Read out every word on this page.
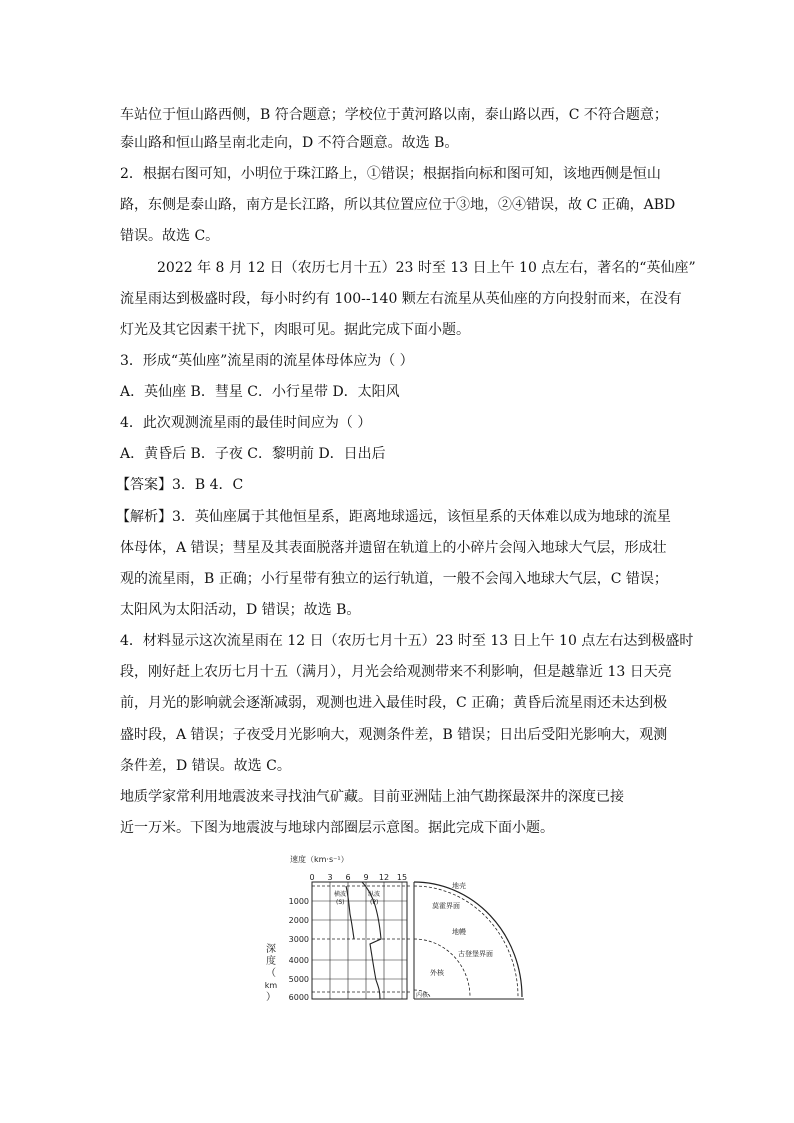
车站位于恒山路西侧，B 符合题意；学校位于黄河路以南，泰山路以西，C 不符合题意；
泰山路和恒山路呈南北走向，D 不符合题意。故选 B。
2．根据右图可知，小明位于珠江路上，①错误；根据指向标和图可知，该地西侧是恒山
路，东侧是泰山路，南方是长江路，所以其位置应位于③地，②④错误，故 C 正确，ABD
错误。故选 C。
2022 年 8 月 12 日（农历七月十五）23 时至 13 日上午 10 点左右，著名的“英仙座”
流星雨达到极盛时段，每小时约有 100--140 颗左右流星从英仙座的方向投射而来，在没有
灯光及其它因素干扰下，肉眼可见。据此完成下面小题。
3．形成“英仙座”流星雨的流星体母体应为（ ）
A．英仙座 B．彗星 C．小行星带 D．太阳风
4．此次观测流星雨的最佳时间应为（ ）
A．黄昏后 B．子夜 C．黎明前 D．日出后
【答案】3．B 4．C
【解析】3．英仙座属于其他恒星系，距离地球遥远，该恒星系的天体难以成为地球的流星
体母体，A 错误；彗星及其表面脱落并遗留在轨道上的小碎片会闯入地球大气层，形成壮
观的流星雨，B 正确；小行星带有独立的运行轨道，一般不会闯入地球大气层，C 错误；
太阳风为太阳活动，D 错误；故选 B。
4．材料显示这次流星雨在 12 日（农历七月十五）23 时至 13 日上午 10 点左右达到极盛时
段，刚好赶上农历七月十五（满月），月光会给观测带来不利影响，但是越靠近 13 日天亮
前，月光的影响就会逐渐减弱，观测也进入最佳时段，C 正确；黄昏后流星雨还未达到极
盛时段，A 错误；子夜受月光影响大，观测条件差，B 错误；日出后受阳光影响大，观测
条件差，D 错误。故选 C。
地质学家常利用地震波来寻找油气矿藏。目前亚洲陆上油气勘探最深井的深度已接
近一万米。下图为地震波与地球内部圈层示意图。据此完成下面小题。
速度（km·s⁻¹）
0 3 6 9 12 15
1000
2000
3000
4000
5000
6000
深
度
（
km
）
横波
(S)
纵波
(P)
地壳
莫霍界面
地幔
古登堡界面
外核
内核
